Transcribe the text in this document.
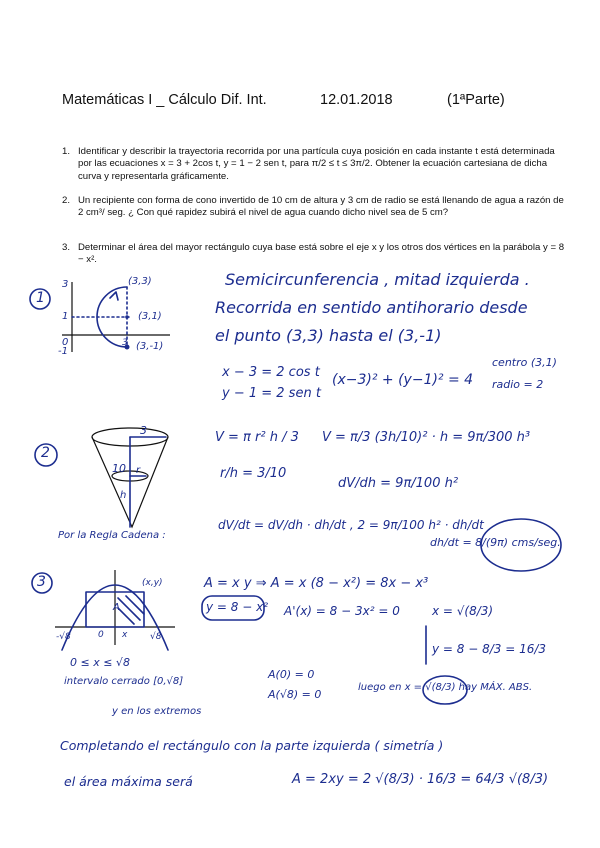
Matemáticas I _ Cálculo Dif. Int.	12.01.2018	(1ªParte)
1. Identificar y describir la trayectoria recorrida por una partícula cuya posición en cada instante t está determinada por las ecuaciones x = 3 + 2cos t, y = 1 − 2 sen t, para π/2 ≤ t ≤ 3π/2. Obtener la ecuación cartesiana de dicha curva y representarla gráficamente.
2. Un recipiente con forma de cono invertido de 10 cm de altura y 3 cm de radio se está llenando de agua a razón de 2 cm³/ seg. ¿ Con qué rapidez subirá el nivel de agua cuando dicho nivel sea de 5 cm?
3. Determinar el área del mayor rectángulo cuya base está sobre el eje x y los otros dos vértices en la parábola y = 8 − x².
1
3
1
0
-1
3
(3,3)
(3,1)
(3,-1)
Semicircunferencia , mitad izquierda .
Recorrida en sentido antihorario desde
el punto (3,3) hasta el (3,-1)
x − 3 = 2 cos t
y − 1 = 2 sen t
(x−3)² + (y−1)² = 4
centro (3,1)
radio = 2
2
3
10 r
h
V = π r² h / 3 V = π/3 (3h/10)² · h = 9π/300 h³
r/h = 3/10
dV/dh = 9π/100 h²
Por la Regla Cadena :
dV/dt = dV/dh · dh/dt , 2 = 9π/100 h² · dh/dt
dh/dt = 8/(9π) cms/seg.
3	(x,y)
A
x
-√8	√8
0
A = x y ⇒ A = x (8 − x²) = 8x − x³
y = 8 − x² A'(x) = 8 − 3x² = 0	x = √(8/3)
y = 8 − 8/3 = 16/3
0 ≤ x ≤ √8
intervalo cerrado [0,√8]
y en los extremos
A(0) = 0
A(√8) = 0
luego en x = √(8/3) hay MÁX. ABS.
Completando el rectángulo con la parte izquierda ( simetría )
el área máxima será	A = 2xy = 2 √(8/3) · 16/3 = 64/3 √(8/3)
